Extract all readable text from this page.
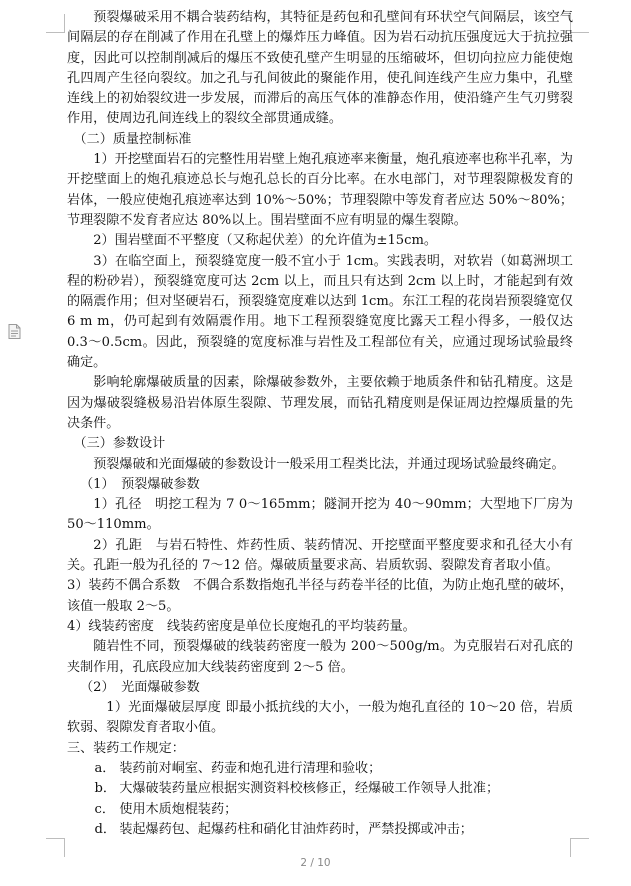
预裂爆破采用不耦合装药结构，其特征是药包和孔壁间有环状空气间隔层，该空气间隔层的存在削减了作用在孔壁上的爆炸压力峰值。因为岩石动抗压强度远大于抗拉强度，因此可以控制削减后的爆压不致使孔壁产生明显的压缩破坏，但切向拉应力能使炮孔四周产生径向裂纹。加之孔与孔间彼此的聚能作用，使孔间连线产生应力集中，孔壁连线上的初始裂纹进一步发展，而滞后的高压气体的准静态作用，使沿缝产生气刃劈裂作用，使周边孔间连线上的裂纹全部贯通成缝。

（二）质量控制标准

1）开挖壁面岩石的完整性用岩壁上炮孔痕迹率来衡量，炮孔痕迹率也称半孔率，为开挖壁面上的炮孔痕迹总长与炮孔总长的百分比率。在水电部门，对节理裂隙极发育的岩体，一般应使炮孔痕迹率达到 10%～50%；节理裂隙中等发育者应达 50%～80%；节理裂隙不发育者应达 80%以上。围岩壁面不应有明显的爆生裂隙。

2）围岩壁面不平整度（又称起伏差）的允许值为±15cm。

3）在临空面上，预裂缝宽度一般不宜小于 1cm。实践表明，对软岩（如葛洲坝工程的粉砂岩），预裂缝宽度可达 2cm 以上，而且只有达到 2cm 以上时，才能起到有效的隔震作用；但对坚硬岩石，预裂缝宽度难以达到 1cm。东江工程的花岗岩预裂缝宽仅 6 m m，仍可起到有效隔震作用。地下工程预裂缝宽度比露天工程小得多，一般仅达 0.3～0.5cm。因此，预裂缝的宽度标准与岩性及工程部位有关，应通过现场试验最终确定。

影响轮廓爆破质量的因素，除爆破参数外，主要依赖于地质条件和钻孔精度。这是因为爆破裂缝极易沿岩体原生裂隙、节理发展，而钻孔精度则是保证周边控爆质量的先决条件。

（三）参数设计

预裂爆破和光面爆破的参数设计一般采用工程类比法，并通过现场试验最终确定。

（1）　预裂爆破参数

1）孔径　明挖工程为 7 0～165mm；隧洞开挖为 40～90mm；大型地下厂房为 50～110mm。

2）孔距　与岩石特性、炸药性质、装药情况、开挖壁面平整度要求和孔径大小有关。孔距一般为孔径的 7～12 倍。爆破质量要求高、岩质软弱、裂隙发育者取小值。

3）装药不偶合系数　不偶合系数指炮孔半径与药卷半径的比值，为防止炮孔壁的破坏，该值一般取 2～5。

4）线装药密度　线装药密度是单位长度炮孔的平均装药量。

随岩性不同，预裂爆破的线装药密度一般为 200～500g/m。为克服岩石对孔底的夹制作用，孔底段应加大线装药密度到 2～5 倍。

（2）　光面爆破参数

1）光面爆破层厚度 即最小抵抗线的大小，一般为炮孔直径的 10～20 倍，岩质软弱、裂隙发育者取小值。

三、装药工作规定：

a． 装药前对峒室、药壶和炮孔进行清理和验收；

b． 大爆破装药量应根据实测资料校核修正，经爆破工作领导人批准；

c． 使用木质炮棍装药；

d． 装起爆药包、起爆药柱和硝化甘油炸药时，严禁投掷或冲击；

2 / 10
